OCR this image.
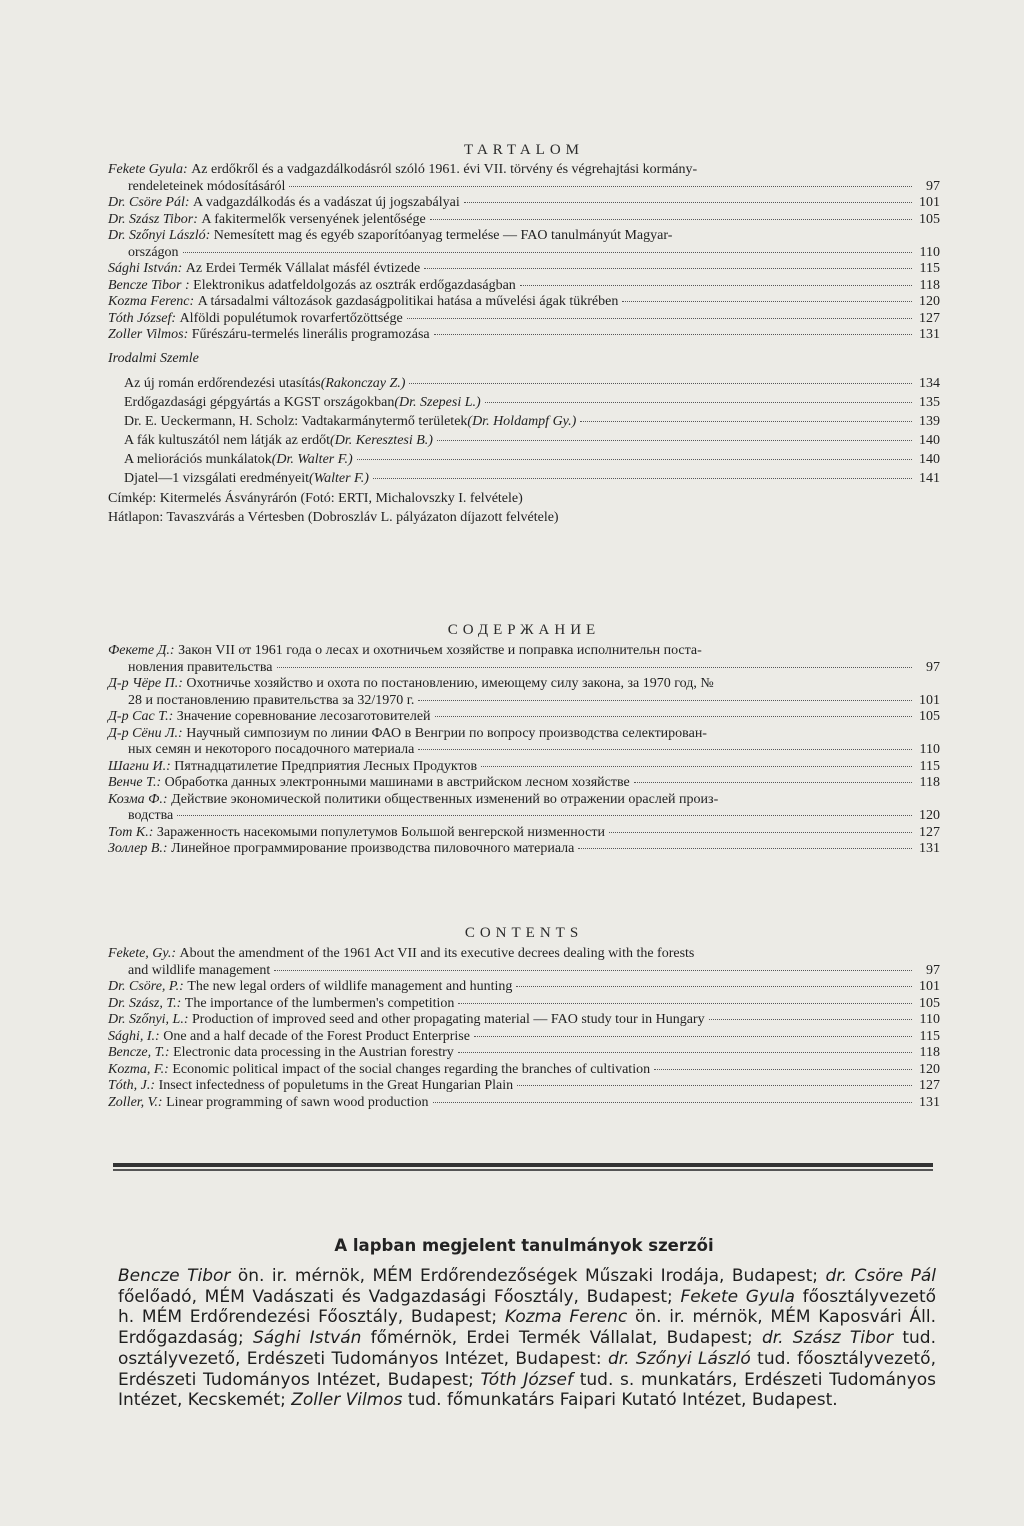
TARTALOM
Fekete Gyula:
Az erdőkről és a vadgazdálkodásról szóló 1961. évi VII. törvény és végrehajtási kormány-
rendeleteinek módosításáról	97
Dr. Csöre Pál:
A vadgazdálkodás és a vadászat új jogszabályai	101
Dr. Szász Tibor:
A fakitermelők versenyének jelentősége	105
Dr. Szőnyi László:
Nemesített mag és egyéb szaporítóanyag termelése — FAO tanulmányút Magyar-
országon	110
Sághi István:
Az Erdei Termék Vállalat másfél évtizede	115
Bencze Tibor :
Elektronikus adatfeldolgozás az osztrák erdőgazdaságban	118
Kozma Ferenc:
A társadalmi változások gazdaságpolitikai hatása a művelési ágak tükrében	120
Tóth József:
Alföldi populétumok rovarfertőzöttsége	127
Zoller Vilmos:
Fűrészáru-termelés linerális programozása	131
Irodalmi Szemle
Az új román erdőrendezési utasítás (Rakonczay Z.)	134
Erdőgazdasági gépgyártás a KGST országokban (Dr. Szepesi L.)	135
Dr. E. Ueckermann, H. Scholz: Vadtakarmánytermő területek (Dr. Holdampf Gy.)	139
A fák kultuszától nem látják az erdőt (Dr. Keresztesi B.)	140
A meliorációs munkálatok (Dr. Walter F.)	140
Djatel—1 vizsgálati eredményeit (Walter F.)	141
Címkép: Kitermelés Ásványrárón (Fotó: ERTI, Michalovszky I. felvétele)
Hátlapon: Tavaszvárás a Vértesben (Dobroszláv L. pályázaton díjazott felvétele)
СОДЕРЖАНИЕ
Фекете Д.:
Закон VII от 1961 года о лесах и охотничьем хозяйстве и поправка исполнительн поста-
новления правительства	97
Д-р Чёре П.:
Охотничье хозяйство и охота по постановлению, имеющему силу закона, за 1970 год, №
28 и постановлению правительства за 32/1970 г.	101
Д-р Сас Т.:
Значение соревнование лесозаготовителей	105
Д-р Сёни Л.:
Научный симпозиум по линии ФАО в Венгрии по вопросу производства селектирован-
ных семян и некоторого посадочного материала	110
Шагни И.:
Пятнадцатилетие Предприятия Лесных Продуктов	115
Венче Т.:
Обработка данных электронными машинами в австрийском лесном хозяйстве	118
Козма Ф.:
Действие экономической политики общественных изменений во отражении ораслей произ-
водства	120
Тот К.:
Зараженность насекомыми популетумов Большой венгерской низменности	127
Золлер В.:
Линейное программирование производства пиловочного материала	131
CONTENTS
Fekete, Gy.:
About the amendment of the 1961 Act VII and its executive decrees dealing with the forests
and wildlife management	97
Dr. Csöre, P.:
The new legal orders of wildlife management and hunting	101
Dr. Szász, T.:
The importance of the lumbermen's competition	105
Dr. Szőnyi, L.:
Production of improved seed and other propagating material — FAO study tour in Hungary	110
Sághi, I.:
One and a half decade of the Forest Product Enterprise	115
Bencze, T.:
Electronic data processing in the Austrian forestry	118
Kozma, F.:
Economic political impact of the social changes regarding the branches of cultivation	120
Tóth, J.:
Insect infectedness of populetums in the Great Hungarian Plain	127
Zoller, V.:
Linear programming of sawn wood production	131
A lapban megjelent tanulmányok szerzői
Bencze Tibor ön. ir. mérnök, MÉM Erdőrendezőségek Műszaki Irodája, Budapest; dr. Csöre Pál főelőadó, MÉM Vadászati és Vadgazdasági Főosztály, Budapest; Fekete Gyula főosztályvezető h. MÉM Erdőrendezési Főosztály, Budapest; Kozma Ferenc ön. ir. mérnök, MÉM Kaposvári Áll. Erdőgazdaság; Sághi István főmérnök, Erdei Termék Vállalat, Budapest; dr. Szász Tibor tud. osztályvezető, Erdészeti Tudományos Intézet, Budapest: dr. Szőnyi László tud. főosztályvezető, Erdészeti Tudományos Intézet, Budapest; Tóth József tud. s. munkatárs, Erdészeti Tudományos Intézet, Kecskemét; Zoller Vilmos tud. főmunkatárs Faipari Kutató Intézet, Budapest.
